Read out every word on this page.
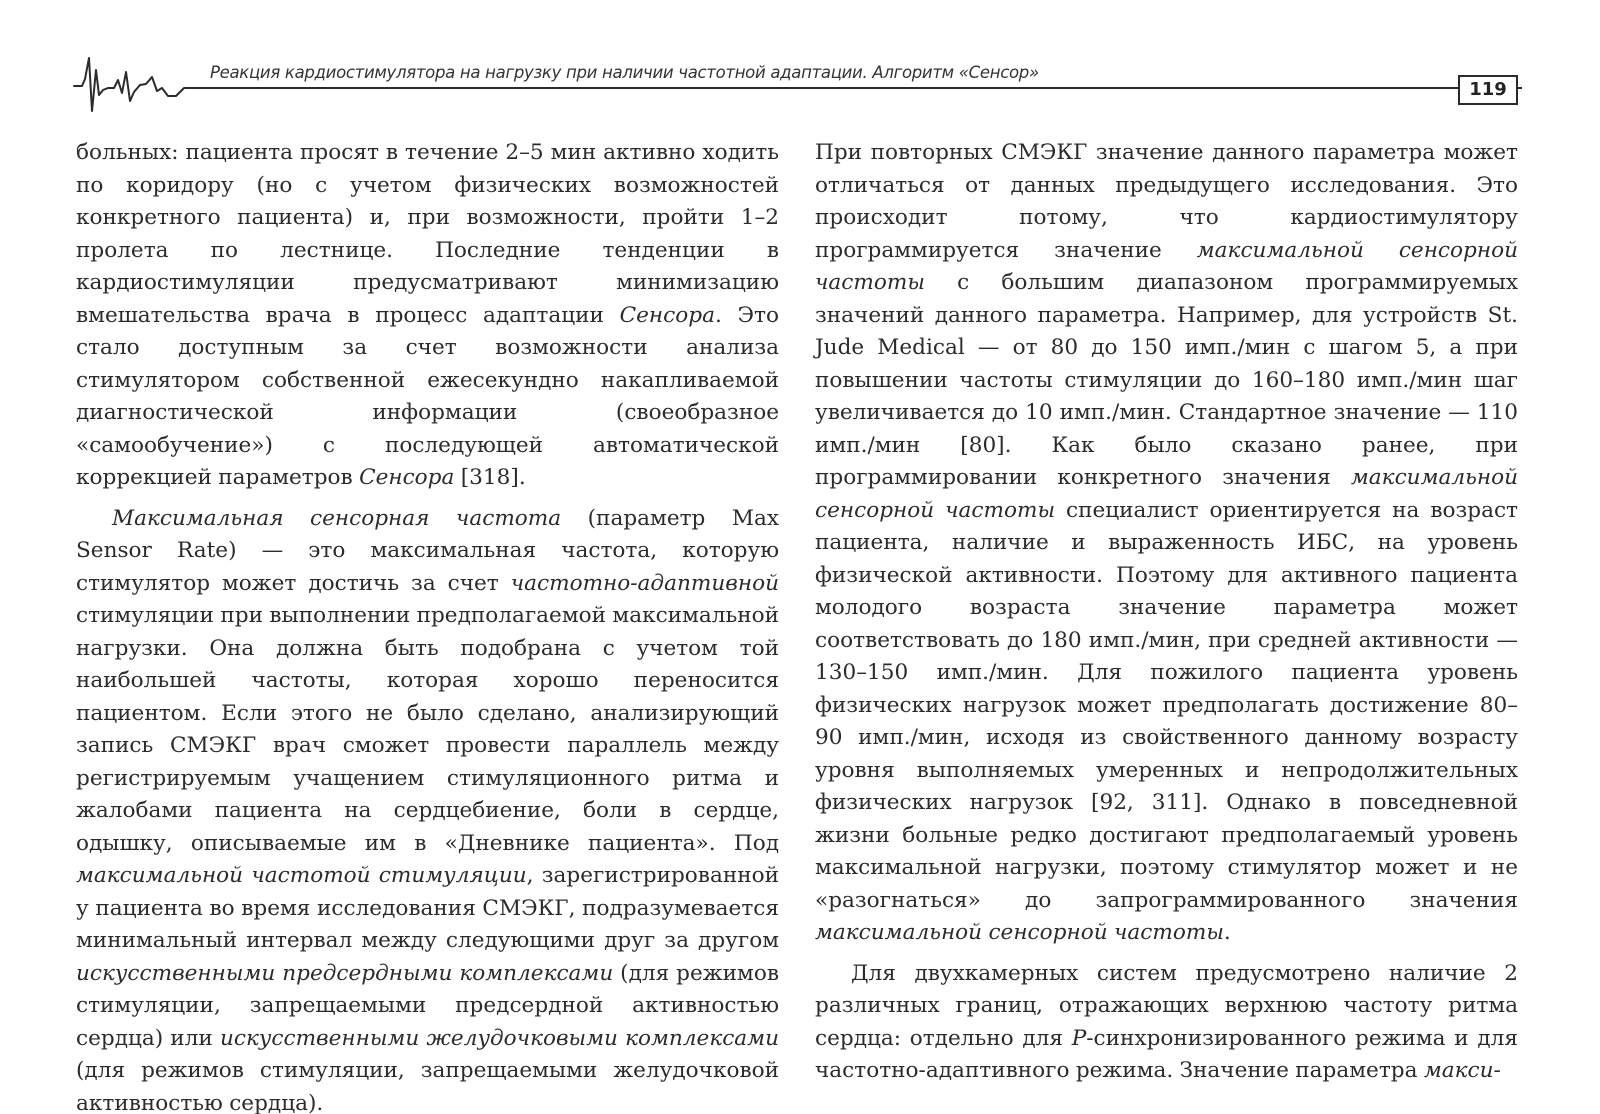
Реакция кардиостимулятора на нагрузку при наличии частотной адаптации. Алгоритм «Сенсор»
119

больных: пациента просят в течение 2–5 мин активно ходить по коридору (но с учетом физических возможностей конкретного пациента) и, при возможности, пройти 1–2 пролета по лестнице. Последние тенденции в кардиостимуляции предусматривают минимизацию вмешательства врача в процесс адаптации Сенсора. Это стало доступным за счет возможности анализа стимулятором собственной ежесекундно накапливаемой диагностической информации (своеобразное «самообучение») с последующей автоматической коррекцией параметров Сенсора [318].

Максимальная сенсорная частота (параметр Max Sensor Rate) — это максимальная частота, которую стимулятор может достичь за счет частотно-адаптивной стимуляции при выполнении предполагаемой максимальной нагрузки. Она должна быть подобрана с учетом той наибольшей частоты, которая хорошо переносится пациентом. Если этого не было сделано, анализирующий запись СМЭКГ врач сможет провести параллель между регистрируемым учащением стимуляционного ритма и жалобами пациента на сердцебиение, боли в сердце, одышку, описываемые им в «Дневнике пациента». Под максимальной частотой стимуляции, зарегистрированной у пациента во время исследования СМЭКГ, подразумевается минимальный интервал между следующими друг за другом искусственными предсердными комплексами (для режимов стимуляции, запрещаемыми предсердной активностью сердца) или искусственными желудочковыми комплексами (для режимов стимуляции, запрещаемыми желудочковой активностью сердца).

При повторных СМЭКГ значение данного параметра может отличаться от данных предыдущего исследования. Это происходит потому, что кардиостимулятору программируется значение максимальной сенсорной частоты с большим диапазоном программируемых значений данного параметра. Например, для устройств St. Jude Medical — от 80 до 150 имп./мин с шагом 5, а при повышении частоты стимуляции до 160–180 имп./мин шаг увеличивается до 10 имп./мин. Стандартное значение — 110 имп./мин [80]. Как было сказано ранее, при программировании конкретного значения максимальной сенсорной частоты специалист ориентируется на возраст пациента, наличие и выраженность ИБС, на уровень физической активности. Поэтому для активного пациента молодого возраста значение параметра может соответствовать до 180 имп./мин, при средней активности — 130–150 имп./мин. Для пожилого пациента уровень физических нагрузок может предполагать достижение 80–90 имп./мин, исходя из свойственного данному возрасту уровня выполняемых умеренных и непродолжительных физических нагрузок [92, 311]. Однако в повседневной жизни больные редко достигают предполагаемый уровень максимальной нагрузки, поэтому стимулятор может и не «разогнаться» до запрограммированного значения максимальной сенсорной частоты.

Для двухкамерных систем предусмотрено наличие 2 различных границ, отражающих верхнюю частоту ритма сердца: отдельно для P-синхронизированного режима и для частотно-адаптивного режима. Значение параметра макси-
